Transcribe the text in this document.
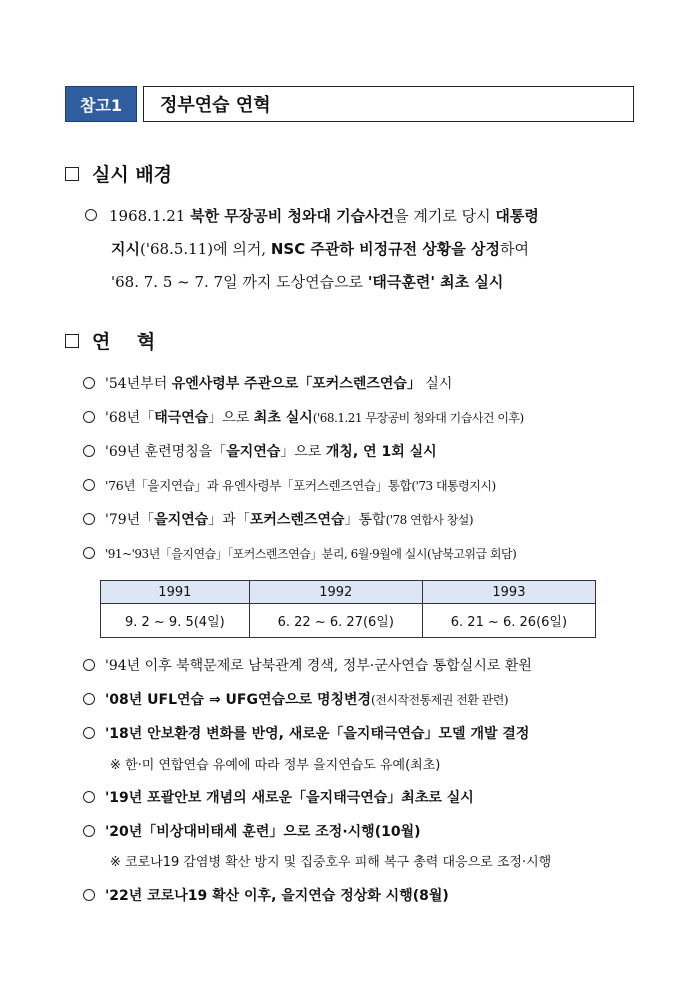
참고1	정부연습 연혁
실시 배경
1968.1.21 북한 무장공비 청와대 기습사건을 계기로 당시 대통령
지시('68.5.11)에 의거, NSC 주관하 비정규전 상황을 상정하여
'68. 7. 5 ~ 7. 7일 까지 도상연습으로 '태극훈련' 최초 실시
연    혁
'54년부터 유엔사령부 주관으로「포커스렌즈연습」 실시
'68년「태극연습」으로 최초 실시('68.1.21 무장공비 청와대 기습사건 이후)
'69년 훈련명칭을「을지연습」으로 개칭, 연 1회 실시
'76년「을지연습」과 유엔사령부「포커스렌즈연습」통합('73 대통령지시)
'79년「을지연습」과「포커스렌즈연습」통합('78 연합사 창설)
'91~'93년「을지연습」「포커스렌즈연습」분리, 6월·9월에 실시(남북고위급 회담)
1991	1992	1993
9. 2 ~ 9. 5(4일)	6. 22 ~ 6. 27(6일)	6. 21 ~ 6. 26(6일)
'94년 이후 북핵문제로 남북관계 경색, 정부·군사연습 통합실시로 환원
'08년 UFL연습 ⇒ UFG연습으로 명칭변경(전시작전통제권 전환 관련)
'18년 안보환경 변화를 반영, 새로운「을지태극연습」모델 개발 결정
※ 한·미 연합연습 유예에 따라 정부 을지연습도 유예(최초)
'19년 포괄안보 개념의 새로운「을지태극연습」최초로 실시
'20년「비상대비태세 훈련」으로 조정·시행(10월)
※ 코로나19 감염병 확산 방지 및 집중호우 피해 복구 총력 대응으로 조정·시행
'22년 코로나19 확산 이후, 을지연습 정상화 시행(8월)
